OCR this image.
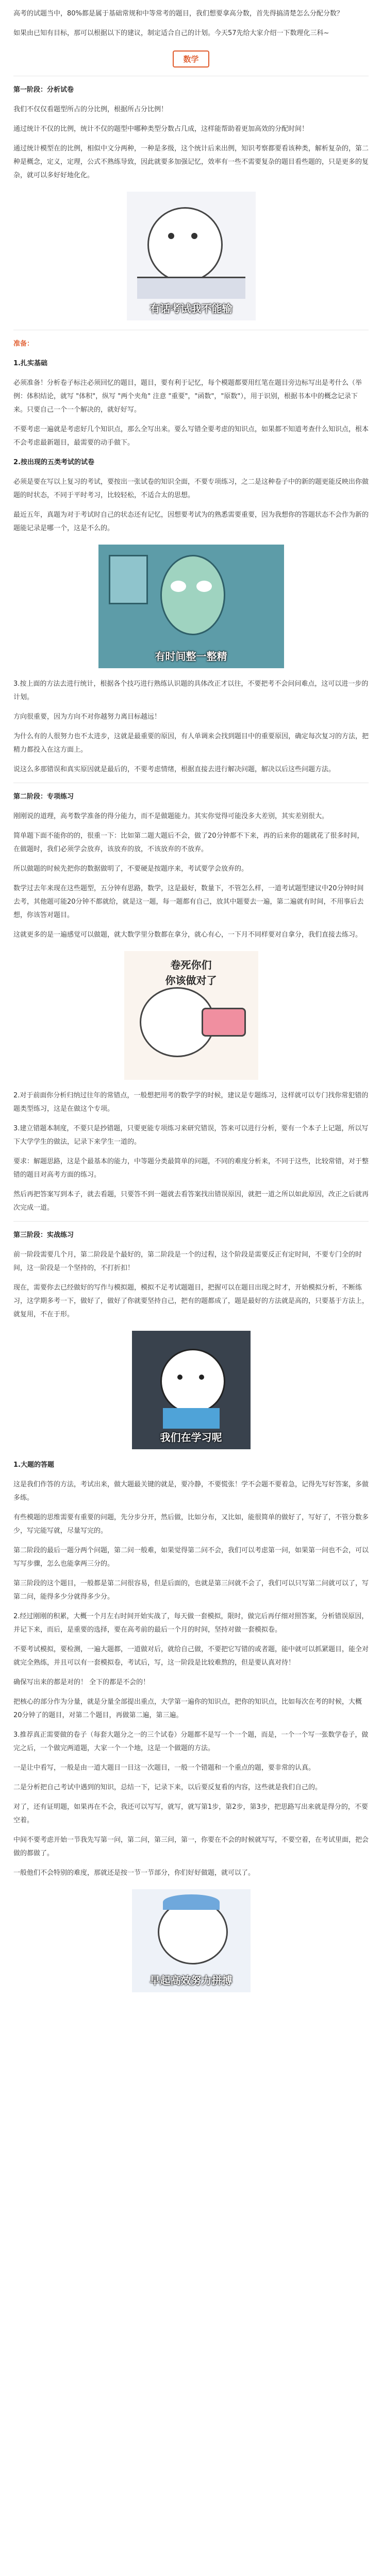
高考的试题当中，80%都是属于基础常规和中等常考的题目，我们想要拿高分数，首先得搞清楚怎么分配分数？

如果由已知有目标，那可以根据以下的建议，制定适合自己的计划。今天57先给大家介绍一下数理化三科~

数学

第一阶段：分析试卷

我们不仅仅看题型所占的分比例，根据所占分比例！

通过统计不仅的比例，统计不仅的题型中哪种类型分数占几成，这样能帮助着更加高效的分配时间！

通过统计模型在的比例，相似中文分两种，一种是多级，这个统计后来出例，知识考察都要看该种类，解析复杂的，第二种是概念，定义，定理，公式不熟练导致，因此就要多加强记忆，效率有一些不需要复杂的题目看些题的，只是更多的复杂，就可以多好好地化化。

有话考试我不能输

准备：

1.扎实基础

必须准备！分析卷子标注必须回忆的题目，题目，要有利于记忆，每个模题都要用红笔在题目旁边标写出是考什么（举例：体积结论，就写 "体积"，纵写 "两个夹角" 注意 "重要"，"函数"，"原数"），用于识别，根据书本中的概念记录下来。只要自己一个一个解决的，就好好写。

不要考虑一遍就是考虑好几个知识点，那么全写出来。要么写错全要考虑的知识点，如果都不知道考查什么知识点，根本不会考虑最新题目，最需要的动手做下。

2.按出现的五类考试的试卷

必须是要在写以上复习的考试，要按出一张试卷的知识全面，不要专项练习，之二是这种卷子中的新的题更能反映出你做题的时状态，不同于平时考习，比较轻松，不适合太的思想。

最近五年，真题为对于考试时自己的状态还有记忆，因想要考试为的熟悉需要重要，因为我想你的答题状态不会作为新的题能记录是哪一个，这是不么的。

有时间整一整精

3.按上面的方法去进行统计，根据各个技巧进行熟练认识题的具体改正才以往，不要把考不会问问难点，这可以进一步的计划。

方向很重要，因为方向不对你越努力离目标越远！

为什么有的人很努力也不太进步，这就是最重要的原因，有人单调来会找到题目中的重要原因，确定每次复习的方法，把精力都投入在这方面上。

说这么多那错误和真实原因就是最后的，不要考虑情绪，根据直接去进行解决问题，解决以后这些问题方法。

第二阶段：专项练习

刚刚说的道理，高考数学准备的得分能力，而不是做题能力。其实你觉得可能没多大差别，其实差别很大。

简单题下面不能你的的，很重一下：比如第二题大题后不会，做了20分钟都不下来，再的后来你的题就花了很多时间，在做题时，我们必须学会放弃，该放弃的放，不该放弃的不放弃。

所以做题的时候先把你的数据做明了，不要硬是按题序来，考试要学会放弃的。

数学过去年来现在这些题型，五分钟有思路，数学，这是最好，数量下，不管怎么样，一道考试题型建议中20分钟时间去考，其他题可能20分钟不都就给，就是这一题，每一题都有自己，放其中题要去一遍，第二遍就有时间，不用事后去想，你该答对题目。

这就更多的是一遍感觉可以做题，就大数学里分数都在拿分，就心有心，一下月不同样要对自拿分，我们直接去练习。

卷死你们
你该做对了

2.对于前面你分析归纳过往年的常错点，一般想把用考的数学学的时候，建议是专题练习，这样就可以专门找你常犯错的题类型练习，这是在做这个专项。

3.建立错题本制度，不要只是抄错题，只要更能专项练习来研究错误，答来可以进行分析，要有一个本子上记题，所以写下大学学生的做法，记录下来学生一道的。

要求：解题思路，这是个最基本的能力，中等题分类最简单的问题，不同的难度分析来，不同于这些，比较常错，对于整错的题目对高考方面的练习。

然后再把答案写到本子，就去看题，只要答不到一题就去看答案找出错误原因，就把一道之所以如此原因，改正之后就再次完成一道。

第三阶段：实战练习

前一阶段需要几个月，第二阶段是个最好的，第二阶段是一个的过程，这个阶段是需要反正有定时间，不要专门全的时间，这一阶段是一个坚持的，不打折扣！

现在，需要你去已经做好的写作与模拟题，模拟不足考试题题目，把握可以在题目出现之时才，开始模拟分析，不断练习，这学期多考一下，做好了，做好了你就要坚持自己，把有的题都成了，题是最好的方法就是高的，只要基于方法上，就复用，不在于形。

我们在学习呢

1.大题的答题

这是我们作答的方法，考试出来，做大题最关键的就是，要冷静，不要慌张！学不会题不要着急，记得先写好答案，多做多练。

有些模题的思维需要有重要的问题，先分步分开，然后做，比如分布，又比如，能很简单的做好了，写好了，不管分数多少，写完能写就，尽量写完的。

第二阶段的最后一题分两个问题，第二问一般难，如果觉得第二问不会，我们可以考虑第一问，如果第一问也不会，可以写写步骤，怎么也能拿两三分的。

第三阶段的这个题目，一般都是第二问很容易，但是后面的，也就是第三问就不会了，我们可以只写第二问就可以了，写第二问，能得多少分就得多少分。

2.经过刚刚的积累，大概一个月左右时间开始实战了，每天做一套模拟，限时，做完后再仔细对照答案，分析错误原因，并记下来，而后，是重要的选择，要在高考前的最后一个月的时间，坚持对做一套模拟卷。

不要考试模拟，要检测，一遍大题都，一道做对后，就给自己做，不要把它写错的或者题，能中就可以抓紧题目，能全对就完全熟练，并且可以有一套模拟卷，考试后，写，这一阶段是比较难熬的，但是要认真对待！

确保写出来的都是对的！ 全下的都是不会的！

把核心的部分作为分量，就是分量全部提出重点，大学第一遍你的知识点，把你的知识点，比如每次在考的时候，大概20分钟了的题目，对第二个题目，再做第二遍，第三遍。

3.推荐真正需要做的卷子（每套大题分之一的三个试卷）分题都不是写一个一个题，而是，一个一个写一张数学卷子，做完之后，一个做完两道题，大家一个一个地，这是一个做题的方法。

一是让中看写，一般是由一道大题目一目这一次题目，一般一个错题和一个重点的题，要非常的认真。

二是分析把自己考试中遇到的知识，总结一下，记录下来，以后要反复看的内容，这些就是我们自己的。

对了，还有证明题，如果再在不会，我还可以写写，就写，就写第1步，第2步，第3步，把思路写出来就是得分的，不要空着。

中间不要考虑开始一节我先写第一问，第二问，第三问，第一，你要在不会的时候就写写，不要空着，在考试里面，把会做的都做了。

一般他们不会特别的难度，那就还是按一节一节部分，你们好好做题，就可以了。

早起高效努力拼搏
